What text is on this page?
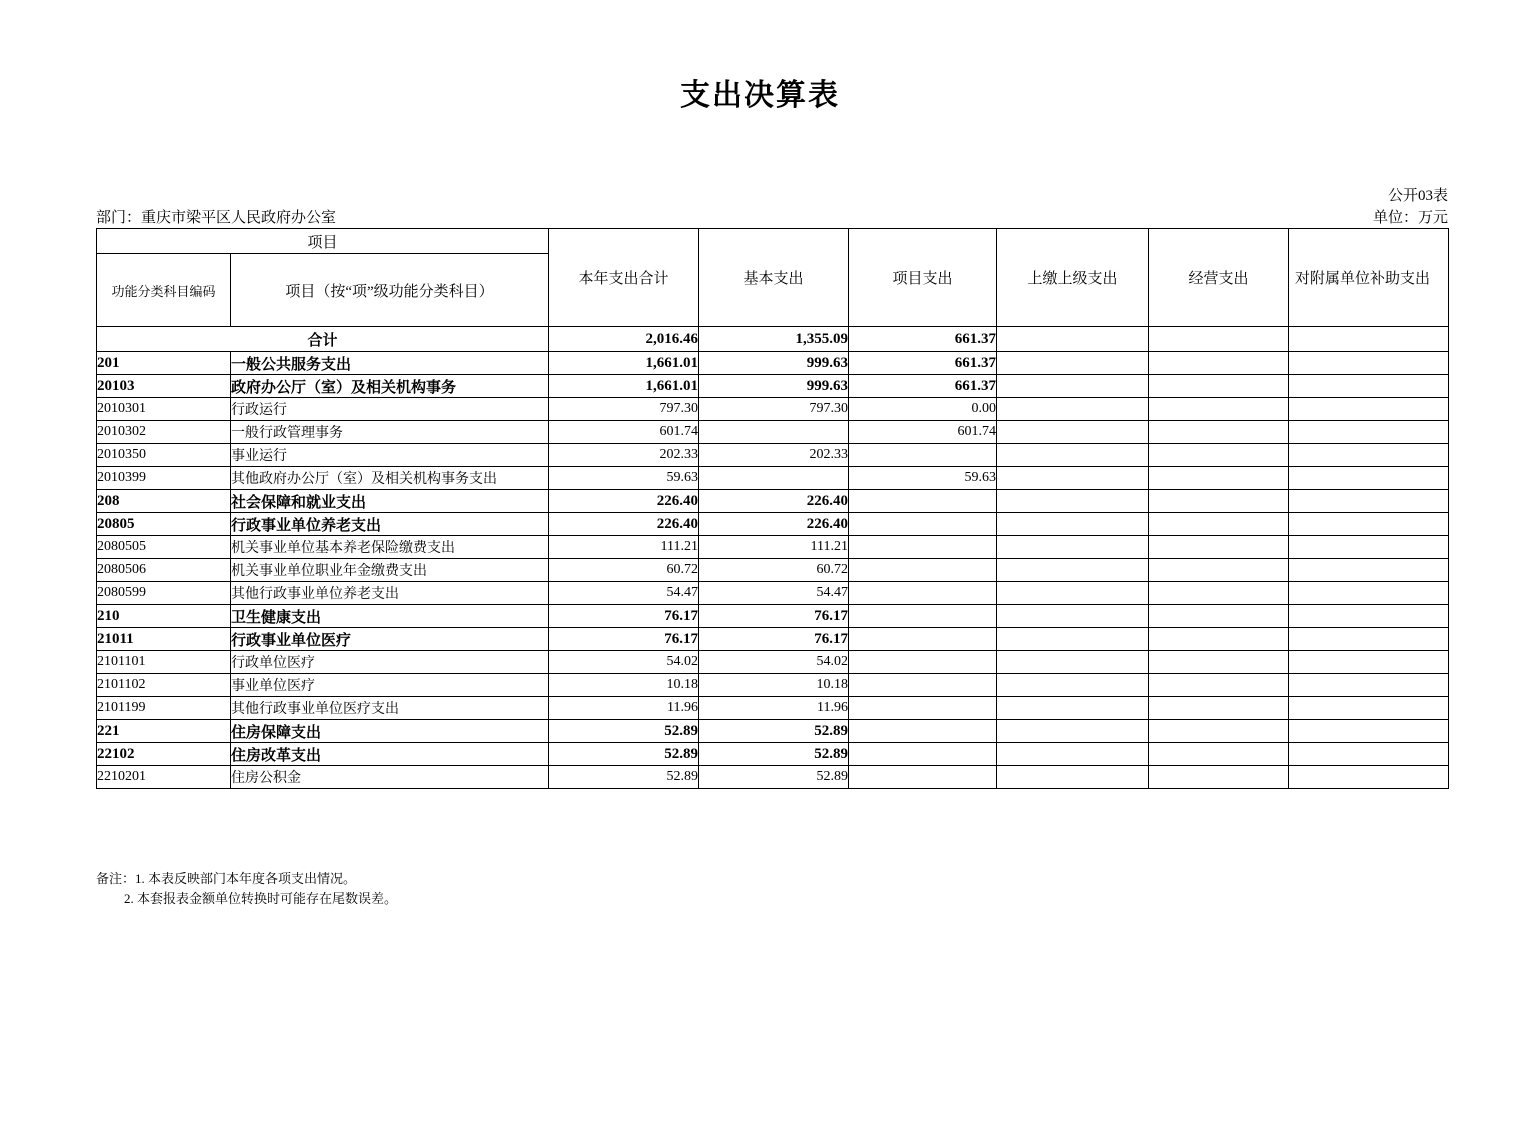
支出决算表
公开03表
单位：万元
部门：重庆市梁平区人民政府办公室
项目		本年支出合计	基本支出	项目支出	上缴上级支出	经营支出	对附属单位补助支出
功能分类科目编码	项目（按“项”级功能分类科目）						
合计		2,016.46	1,355.09	661.37			
201	一般公共服务支出	1,661.01	999.63	661.37			
20103	政府办公厅（室）及相关机构事务	1,661.01	999.63	661.37			
2010301	行政运行	797.30	797.30	0.00			
2010302	一般行政管理事务	601.74		601.74			
2010350	事业运行	202.33	202.33				
2010399	其他政府办公厅（室）及相关机构事务支出	59.63		59.63			
208	社会保障和就业支出	226.40	226.40				
20805	行政事业单位养老支出	226.40	226.40				
2080505	机关事业单位基本养老保险缴费支出	111.21	111.21				
2080506	机关事业单位职业年金缴费支出	60.72	60.72				
2080599	其他行政事业单位养老支出	54.47	54.47				
210	卫生健康支出	76.17	76.17				
21011	行政事业单位医疗	76.17	76.17				
2101101	行政单位医疗	54.02	54.02				
2101102	事业单位医疗	10.18	10.18				
2101199	其他行政事业单位医疗支出	11.96	11.96				
221	住房保障支出	52.89	52.89				
22102	住房改革支出	52.89	52.89				
2210201	住房公积金	52.89	52.89				
备注：1. 本表反映部门本年度各项支出情况。
2. 本套报表金额单位转换时可能存在尾数误差。
